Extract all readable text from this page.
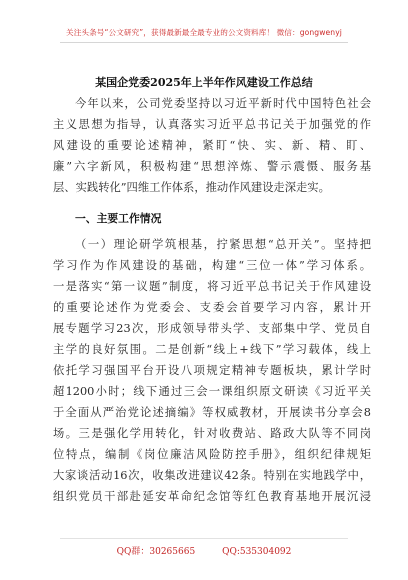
关注头条号“公文研究”，获得最新最全最专业的公文资料库！ 微信：gongwenyj
某国企党委2025年上半年作风建设工作总结
今年以来，公司党委坚持以习近平新时代中国特色社会
主义思想为指导，认真落实习近平总书记关于加强党的作
风建设的重要论述精神，紧盯“快、实、新、精、盯、
廉”六字新风，积极构建“思想淬炼、警示震慑、服务基
层、实践转化”四维工作体系，推动作风建设走深走实。
一、主要工作情况
（一）理论研学筑根基，拧紧思想“总开关”。坚持把
学习作为作风建设的基础，构建“三位一体”学习体系。
一是落实“第一议题”制度，将习近平总书记关于作风建设
的重要论述作为党委会、支委会首要学习内容，累计开
展专题学习23次，形成领导带头学、支部集中学、党员自
主学的良好氛围。二是创新“线上+线下”学习载体，线上
依托学习强国平台开设八项规定精神专题板块，累计学时
超1200小时；线下通过三会一课组织原文研读《习近平关
于全面从严治党论述摘编》等权威教材，开展读书分享会8
场。三是强化学用转化，针对收费站、路政大队等不同岗
位特点，编制《岗位廉洁风险防控手册》，组织纪律规矩
大家谈活动16次，收集改进建议42条。特别在实地践学中，
组织党员干部赴延安革命纪念馆等红色教育基地开展沉浸
QQ群：30265665	QQ:535304092
